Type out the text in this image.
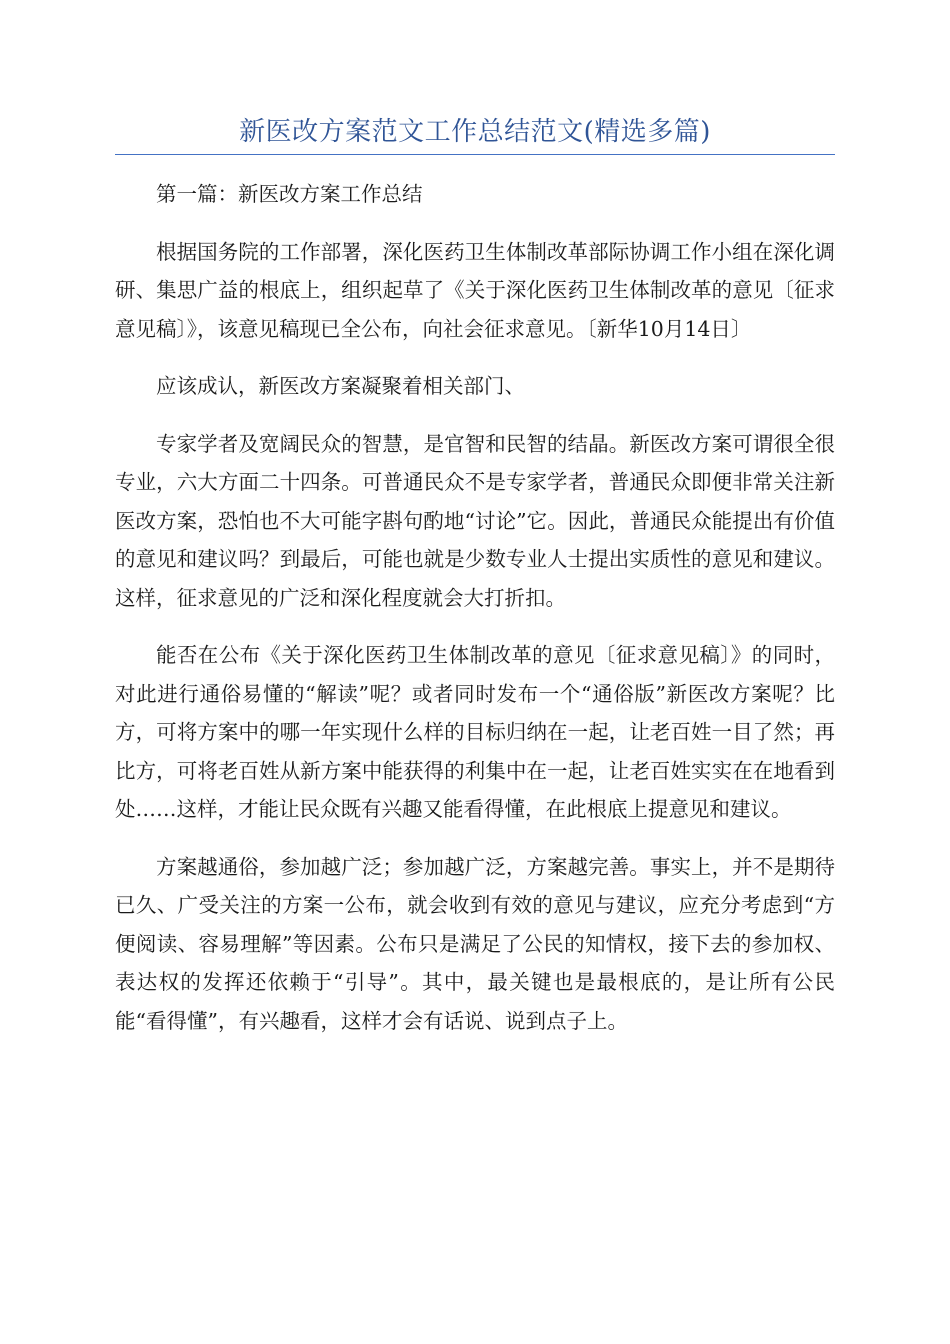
新医改方案范文工作总结范文(精选多篇)

第一篇：新医改方案工作总结

根据国务院的工作部署，深化医药卫生体制改革部际协调工作小组在深化调研、集思广益的根底上，组织起草了《关于深化医药卫生体制改革的意见〔征求意见稿〕》，该意见稿现已全公布，向社会征求意见。〔新华10月14日〕

应该成认，新医改方案凝聚着相关部门、

专家学者及宽阔民众的智慧，是官智和民智的结晶。新医改方案可谓很全很专业，六大方面二十四条。可普通民众不是专家学者，普通民众即便非常关注新医改方案，恐怕也不大可能字斟句酌地“讨论”它。因此，普通民众能提出有价值的意见和建议吗？到最后，可能也就是少数专业人士提出实质性的意见和建议。这样，征求意见的广泛和深化程度就会大打折扣。

能否在公布《关于深化医药卫生体制改革的意见〔征求意见稿〕》的同时，对此进行通俗易懂的“解读”呢？或者同时发布一个“通俗版”新医改方案呢？比方，可将方案中的哪一年实现什么样的目标归纳在一起，让老百姓一目了然；再比方，可将老百姓从新方案中能获得的利集中在一起，让老百姓实实在在地看到处……这样，才能让民众既有兴趣又能看得懂，在此根底上提意见和建议。

方案越通俗，参加越广泛；参加越广泛，方案越完善。事实上，并不是期待已久、广受关注的方案一公布，就会收到有效的意见与建议，应充分考虑到“方便阅读、容易理解”等因素。公布只是满足了公民的知情权，接下去的参加权、表达权的发挥还依赖于“引导”。其中，最关键也是最根底的，是让所有公民能“看得懂”，有兴趣看，这样才会有话说、说到点子上。
